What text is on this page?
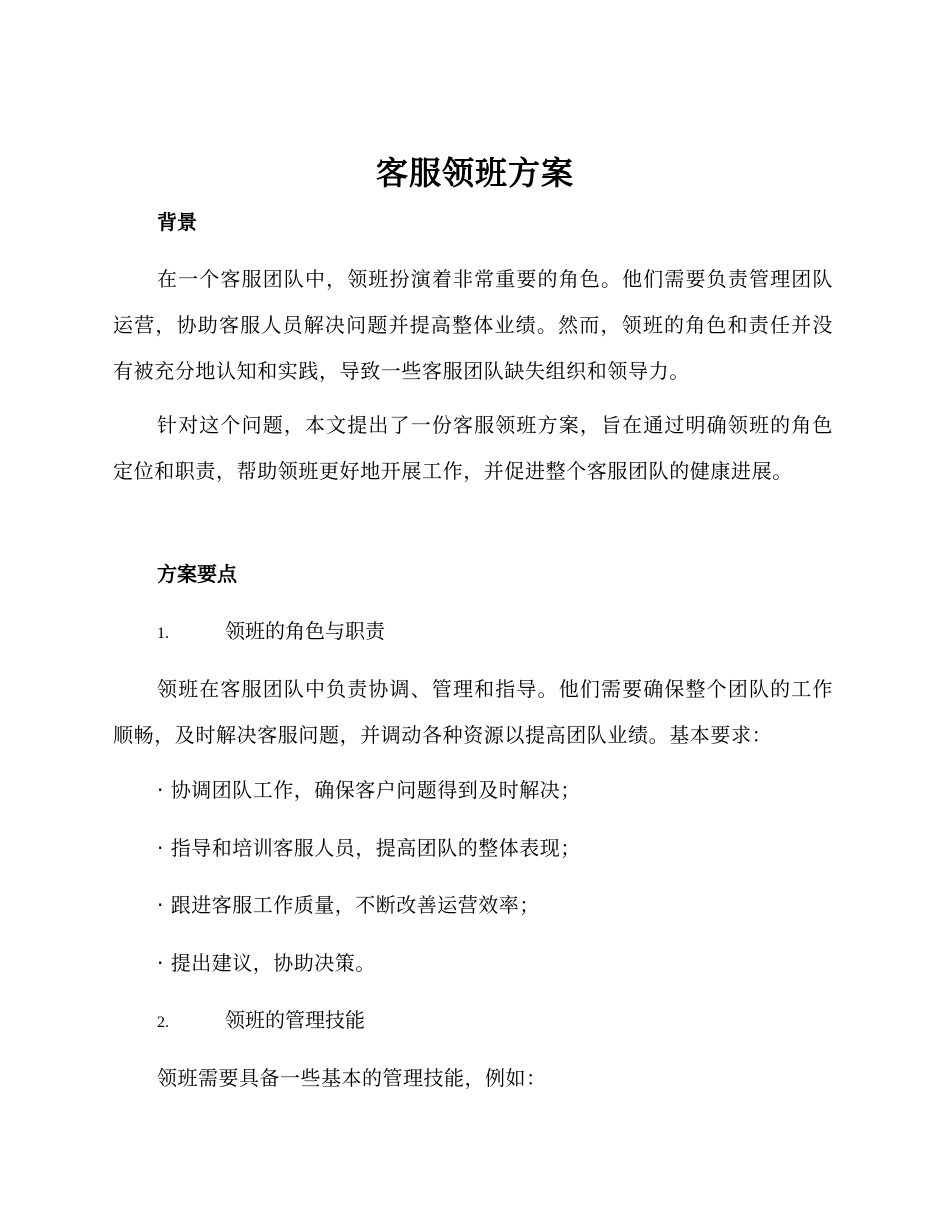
客服领班方案
背景
在一个客服团队中，领班扮演着非常重要的角色。他们需要负责管理团队运营，协助客服人员解决问题并提高整体业绩。然而，领班的角色和责任并没有被充分地认知和实践，导致一些客服团队缺失组织和领导力。
针对这个问题，本文提出了一份客服领班方案，旨在通过明确领班的角色定位和职责，帮助领班更好地开展工作，并促进整个客服团队的健康进展。
方案要点
1.	领班的角色与职责
领班在客服团队中负责协调、管理和指导。他们需要确保整个团队的工作顺畅，及时解决客服问题，并调动各种资源以提高团队业绩。基本要求：
· 协调团队工作，确保客户问题得到及时解决；
· 指导和培训客服人员，提高团队的整体表现；
· 跟进客服工作质量，不断改善运营效率；
· 提出建议，协助决策。
2.	领班的管理技能
领班需要具备一些基本的管理技能，例如：
